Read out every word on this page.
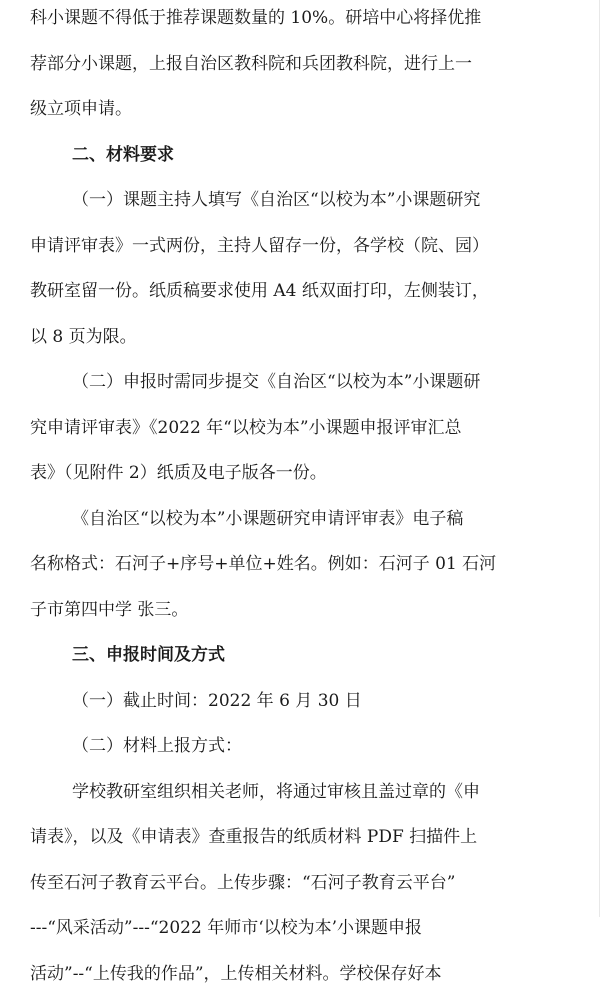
科小课题不得低于推荐课题数量的 10%。研培中心将择优推
荐部分小课题，上报自治区教科院和兵团教科院，进行上一
级立项申请。
二、材料要求
（一）课题主持人填写《自治区“以校为本”小课题研究
申请评审表》一式两份，主持人留存一份，各学校（院、园）
教研室留一份。纸质稿要求使用 A4 纸双面打印，左侧装订，
以 8 页为限。
（二）申报时需同步提交《自治区“以校为本”小课题研
究申请评审表》《2022 年“以校为本”小课题申报评审汇总
表》（见附件 2）纸质及电子版各一份。
《自治区“以校为本”小课题研究申请评审表》电子稿
名称格式：石河子+序号+单位+姓名。例如：石河子 01 石河
子市第四中学 张三。
三、申报时间及方式
（一）截止时间：2022 年 6 月 30 日
（二）材料上报方式：
学校教研室组织相关老师，将通过审核且盖过章的《申
请表》，以及《申请表》查重报告的纸质材料 PDF 扫描件上
传至石河子教育云平台。上传步骤：“石河子教育云平台”
---“风采活动”---“2022 年师市‘以校为本’小课题申报
活动”--“上传我的作品”，上传相关材料。学校保存好本
